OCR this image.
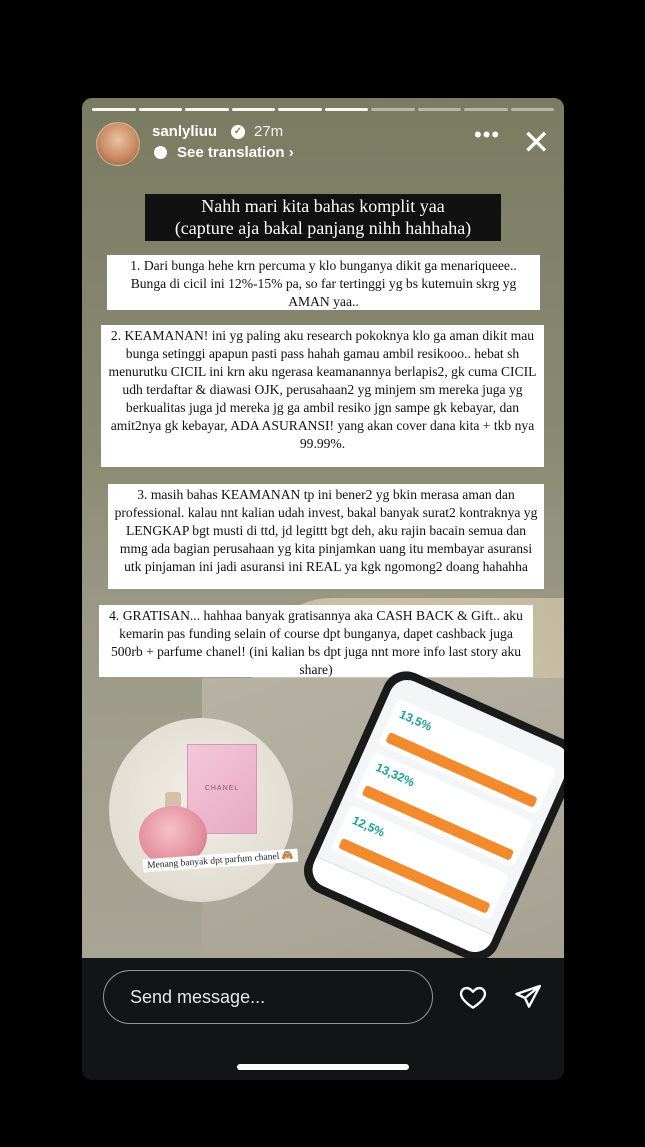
sanlyliuu ✓ 27m
See translation ›
••• ✕
Nahh mari kita bahas komplit yaa
(capture aja bakal panjang nihh hahhaha)
1. Dari bunga hehe krn percuma y klo bunganya dikit ga menariqueee.. Bunga di cicil ini 12%-15% pa, so far tertinggi yg bs kutemuin skrg yg AMAN yaa..
2. KEAMANAN! ini yg paling aku research pokoknya klo ga aman dikit mau bunga setinggi apapun pasti pass hahah gamau ambil resikooo.. hebat sh menurutku CICIL ini krn aku ngerasa keamanannya berlapis2, gk cuma CICIL udh terdaftar & diawasi OJK, perusahaan2 yg minjem sm mereka juga yg berkualitas juga jd mereka jg ga ambil resiko jgn sampe gk kebayar, dan amit2nya gk kebayar, ADA ASURANSI! yang akan cover dana kita + tkb nya 99.99%.
3. masih bahas KEAMANAN tp ini bener2 yg bkin merasa aman dan professional. kalau nnt kalian udah invest, bakal banyak surat2 kontraknya yg LENGKAP bgt musti di ttd, jd legittt bgt deh, aku rajin bacain semua dan mmg ada bagian perusahaan yg kita pinjamkan uang itu membayar asuransi utk pinjaman ini jadi asuransi ini REAL ya kgk ngomong2 doang hahahha
4. GRATISAN... hahhaa banyak gratisannya aka CASH BACK & Gift.. aku kemarin pas funding selain of course dpt bunganya, dapet cashback juga 500rb + parfume chanel! (ini kalian bs dpt juga nnt more info last story aku share)
CHANEL
Menang banyak dpt parfum chanel 🙈
13,5%
13,32%
12,5%
Send message...
